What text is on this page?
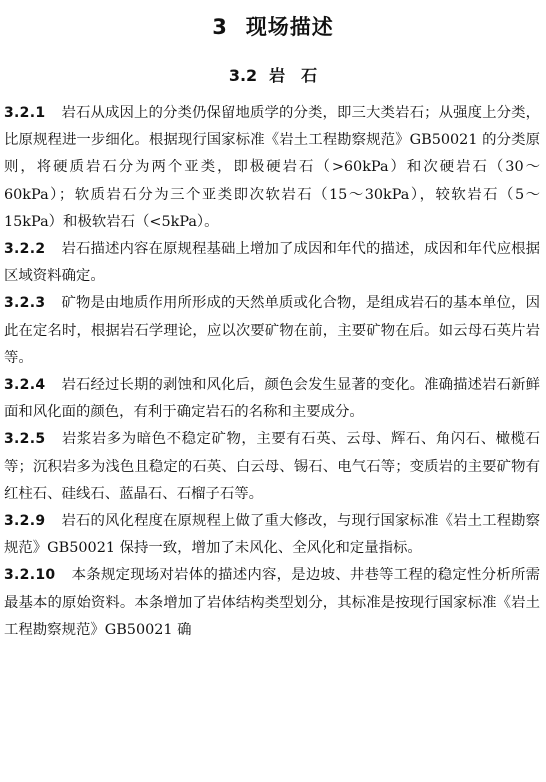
3 现场描述
3.2 岩　石

3.2.1 岩石从成因上的分类仍保留地质学的分类，即三大类岩石；从强度上分类，比原规程进一步细化。根据现行国家标准《岩土工程勘察规范》GB50021 的分类原则，将硬质岩石分为两个亚类，即极硬岩石（>60kPa）和次硬岩石（30～60kPa）；软质岩石分为三个亚类即次软岩石（15～30kPa），较软岩石（5～15kPa）和极软岩石（<5kPa）。

3.2.2 岩石描述内容在原规程基础上增加了成因和年代的描述，成因和年代应根据区域资料确定。

3.2.3 矿物是由地质作用所形成的天然单质或化合物，是组成岩石的基本单位，因此在定名时，根据岩石学理论，应以次要矿物在前，主要矿物在后。如云母石英片岩等。

3.2.4 岩石经过长期的剥蚀和风化后，颜色会发生显著的变化。准确描述岩石新鲜面和风化面的颜色，有利于确定岩石的名称和主要成分。

3.2.5 岩浆岩多为暗色不稳定矿物，主要有石英、云母、辉石、角闪石、橄榄石等；沉积岩多为浅色且稳定的石英、白云母、锡石、电气石等；变质岩的主要矿物有红柱石、硅线石、蓝晶石、石榴子石等。

3.2.9 岩石的风化程度在原规程上做了重大修改，与现行国家标准《岩土工程勘察规范》GB50021 保持一致，增加了未风化、全风化和定量指标。

3.2.10 本条规定现场对岩体的描述内容，是边坡、井巷等工程的稳定性分析所需最基本的原始资料。本条增加了岩体结构类型划分，其标准是按现行国家标准《岩土工程勘察规范》GB50021 确
